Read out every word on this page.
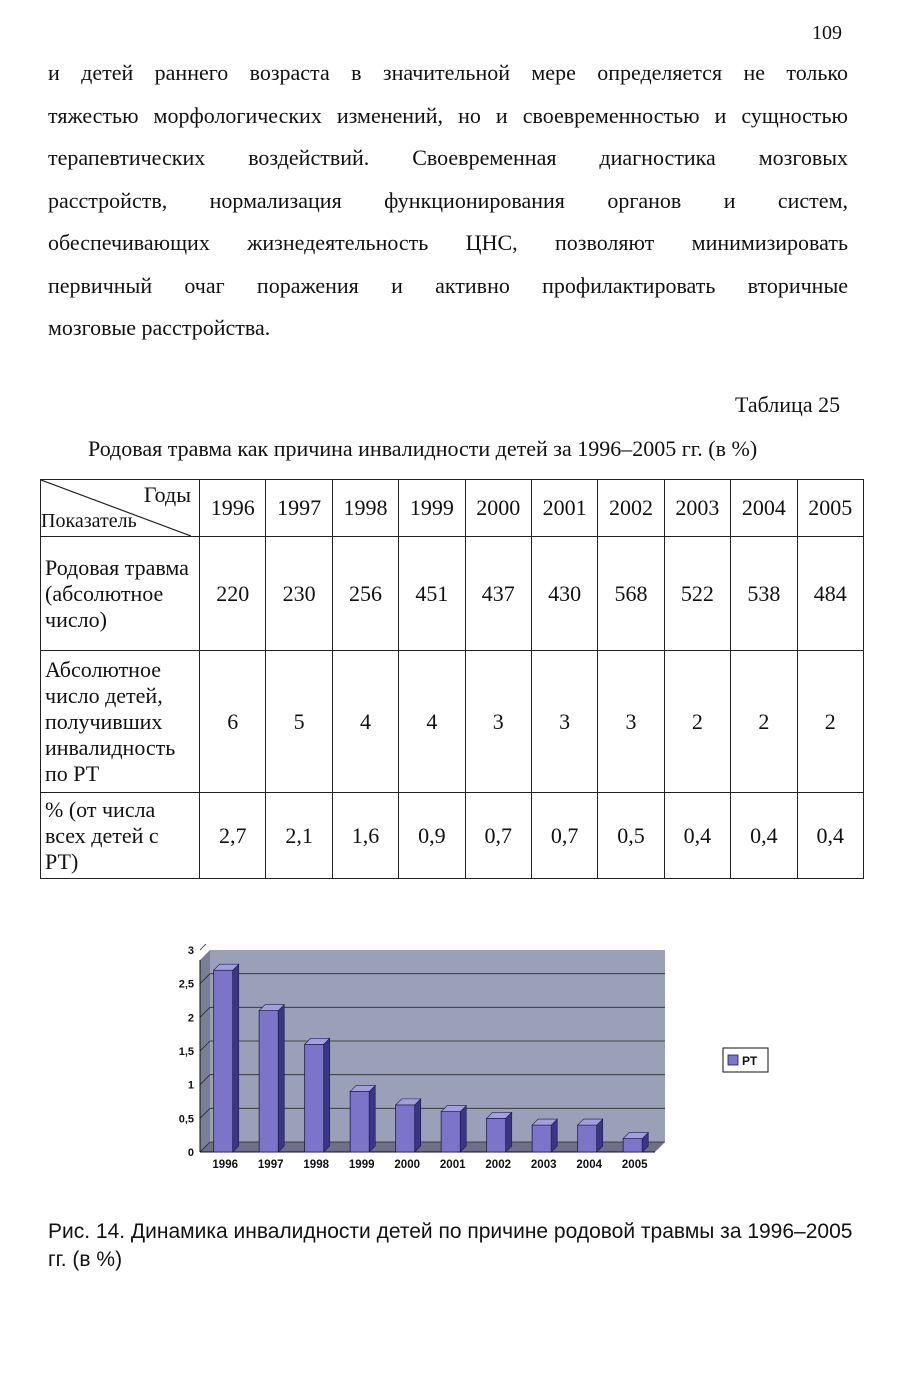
109
и детей раннего возраста в значительной мере определяется не только
тяжестью морфологических изменений, но и своевременностью и сущностью
терапевтических воздействий. Своевременная диагностика мозговых
расстройств, нормализация функционирования органов и систем,
обеспечивающих жизнедеятельность ЦНС, позволяют минимизировать
первичный очаг поражения и активно профилактировать вторичные
мозговые расстройства.
Таблица 25
Родовая травма как причина инвалидности детей за 1996–2005 гг. (в %)
Годы
Показатель	1996	1997	1998	1999	2000	2001	2002	2003	2004	2005
Родовая травма (абсолютное число)	220	230	256	451	437	430	568	522	538	484
Абсолютное число детей, получивших инвалидность по РТ	6	5	4	4	3	3	3	2	2	2
% (от числа всех детей с РТ)	2,7	2,1	1,6	0,9	0,7	0,7	0,5	0,4	0,4	0,4
0
0,5
1
1,5
2
2,5
3
1996 1997 1998 1999 2000 2001 2002 2003 2004 2005
РТ
Рис. 14. Динамика инвалидности детей по причине родовой травмы за 1996–2005 гг. (в %)
